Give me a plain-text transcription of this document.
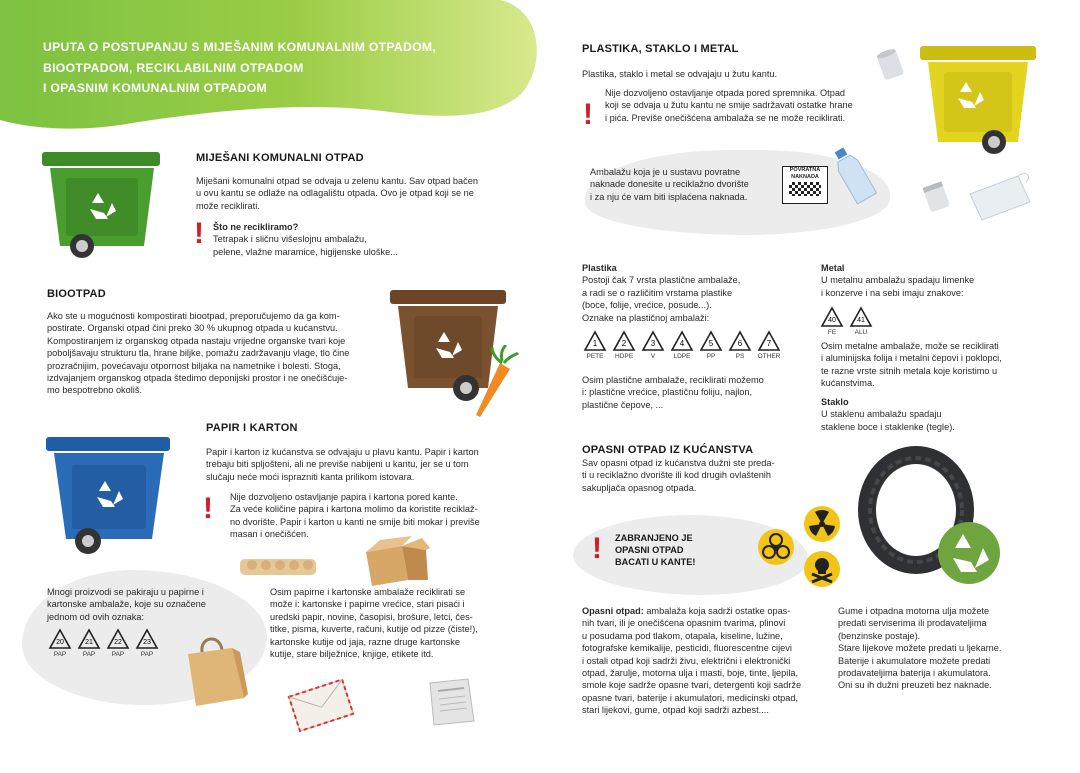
UPUTA O POSTUPANJU S MIJEŠANIM KOMUNALNIM OTPADOM,
BIOOTPADOM, RECIKLABILNIM OTPADOM
I OPASNIM KOMUNALNIM OTPADOM
MIJEŠANI KOMUNALNI OTPAD
Miješani komunalni otpad se odvaja u zelenu kantu. Sav otpad bačen
u ovu kantu se odlaže na odlagalištu otpada. Ovo je otpad koji se ne
može reciklirati.
! Što ne recikliramo?
Tetrapak i sličnu višeslojnu ambalažu,
pelene, vlažne maramice, higijenske uloške...
BIOOTPAD
Ako ste u mogućnosti kompostirati biootpad, preporučujemo da ga kom-
postirate. Organski otpad čini preko 30 % ukupnog otpada u kućanstvu.
Kompostiranjem iz organskog otpada nastaju vrijedne organske tvari koje
poboljšavaju strukturu tla, hrane biljke, pomažu zadržavanju vlage, tlo čine
prozračnijim, povećavaju otpornost biljaka na nametnike i bolesti. Stoga,
izdvajanjem organskog otpada štedimo deponijski prostor i ne onečišćuje-
mo bespotrebno okoliš.
PAPIR I KARTON
Papir i karton iz kućanstva se odvajaju u plavu kantu. Papir i karton
trebaju biti spljošteni, ali ne previše nabijeni u kantu, jer se u tom
slučaju neće moći isprazniti kanta prilikom istovara.
! Nije dozvoljeno ostavljanje papira i kartona pored kante.
Za veće količine papira i kartona molimo da koristite reciklaž-
no dvorište. Papir i karton u kanti ne smije biti mokar i previše
masan i onečišćen.
Mnogi proizvodi se pakiraju u papirne i
kartonske ambalaže, koje su označene
jednom od ovih oznaka:
20
PAP
21
PAP
22
PAP
23
PAP
Osim papirne i kartonske ambalaže reciklirati se
može i: kartonske i papirne vrećice, stari pisaći i
uredski papir, novine, časopisi, brošure, letci, čes-
titke, pisma, kuverte, računi, kutije od pizze (čiste!),
kartonske kutije od jaja, razne druge kartonske
kutije, stare bilježnice, knjige, etikete itd.
PLASTIKA, STAKLO I METAL
Plastika, staklo i metal se odvajaju u žutu kantu.
!
Nije dozvoljeno ostavljanje otpada pored spremnika. Otpad
koji se odvaja u žutu kantu ne smije sadržavati ostatke hrane
i pića. Previše onečišćena ambalaža se ne može reciklirati.
Ambalažu koja je u sustavu povratne
naknade donesite u reciklažno dvorište
i za nju će vam biti isplaćena naknada.
POVRATNA
NAKNADA
Plastika
Postoji čak 7 vrsta plastične ambalaže,
a radi se o različitim vrstama plastike
(boce, folije, vrećice, posude...).
Oznake na plastičnoj ambalaži:
1
PETE
2
HDPE
3
V
4
LDPE
5
PP
6
PS
7
OTHER
Osim plastične ambalaže, reciklirati možemo
i: plastične vrećice, plastičnu foliju, najlon,
plastične čepove, ...
Metal
U metalnu ambalažu spadaju limenke
i konzerve i na sebi imaju znakove:
40
FE
41
ALU
Osim metalne ambalaže, može se reciklirati
i aluminijska folija i metalni čepovi i poklopci,
te razne vrste sitnih metala koje koristimo u
kućanstvima.
Staklo
U staklenu ambalažu spadaju
staklene boce i staklenke (tegle).
OPASNI OTPAD IZ KUĆANSTVA
Sav opasni otpad iz kućanstva dužni ste preda-
ti u reciklažno dvorište ili kod drugih ovlaštenih
sakupljača opasnog otpada.
! ZABRANJENO JE
OPASNI OTPAD
BACATI U KANTE!
Opasni otpad: ambalaža koja sadrži ostatke opas-
nih tvari, ili je onečišćena opasnim tvarima, plinovi
u posudama pod tlakom, otapala, kiseline, lužine,
fotografske kemikalije, pesticidi, fluorescentne cijevi
i ostali otpad koji sadrži živu, električni i elektronički
otpad, žarulje, motorna ulja i masti, boje, tinte, ljepila,
smole koje sadrže opasne tvari, detergenti koji sadrže
opasne tvari, baterije i akumulatori, medicinski otpad,
stari lijekovi, gume, otpad koji sadrži azbest....
Gume i otpadna motorna ulja možete
predati serviserima ili prodavateljima
(benzinske postaje).
Stare lijekove možete predati u ljekarne.
Baterije i akumulatore možete predati
prodavateljima baterija i akumulatora.
Oni su ih dužni preuzeti bez naknade.
